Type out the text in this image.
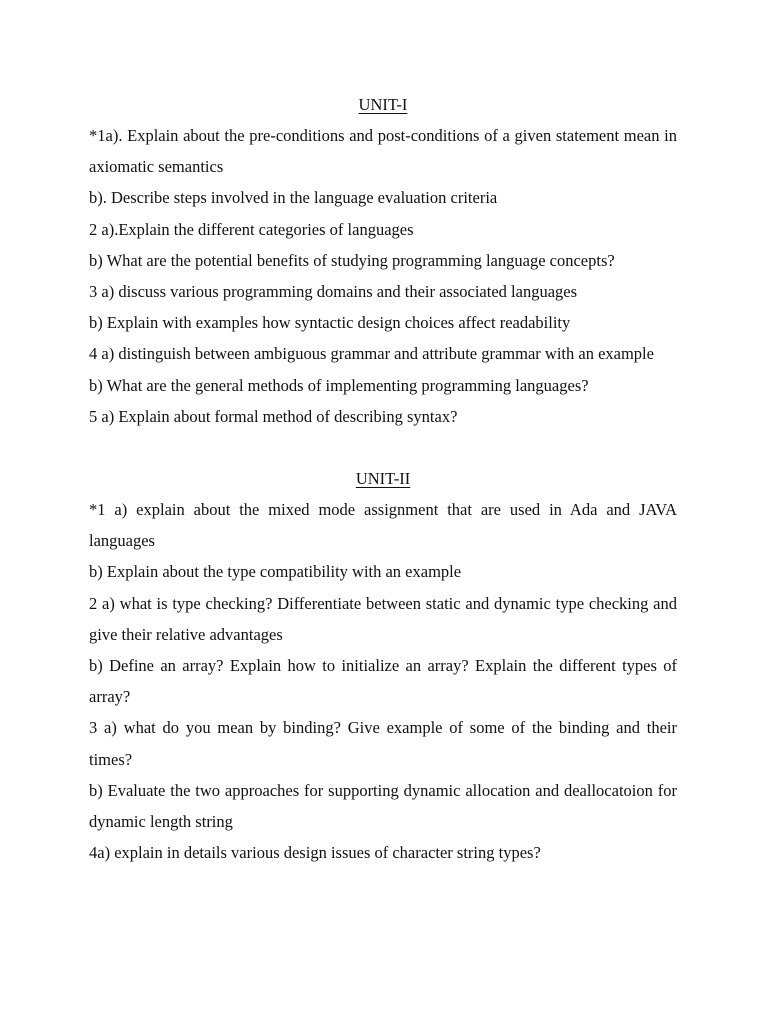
UNIT-I

*1a). Explain about the pre-conditions and post-conditions of a given statement mean in axiomatic semantics

b). Describe steps involved in the language evaluation criteria

2 a).Explain the different categories of languages

b) What are the potential benefits of studying programming language concepts?

3 a) discuss various programming domains and their associated languages

b) Explain with examples how syntactic design choices affect readability

4 a) distinguish between ambiguous grammar and attribute grammar with an example

b) What are the general methods of implementing programming languages?

5 a) Explain about formal method of describing syntax?

UNIT-II

*1 a) explain about the mixed mode assignment that are used in Ada and JAVA languages

b) Explain about the type compatibility with an example

2 a) what is type checking? Differentiate between static and dynamic type checking and give their relative advantages

b) Define an array? Explain how to initialize an array? Explain the different types of array?

3 a) what do you mean by binding? Give example of some of the binding and their times?

b) Evaluate the two approaches for supporting dynamic allocation and deallocatoion for dynamic length string

4a) explain in details various design issues of character string types?
